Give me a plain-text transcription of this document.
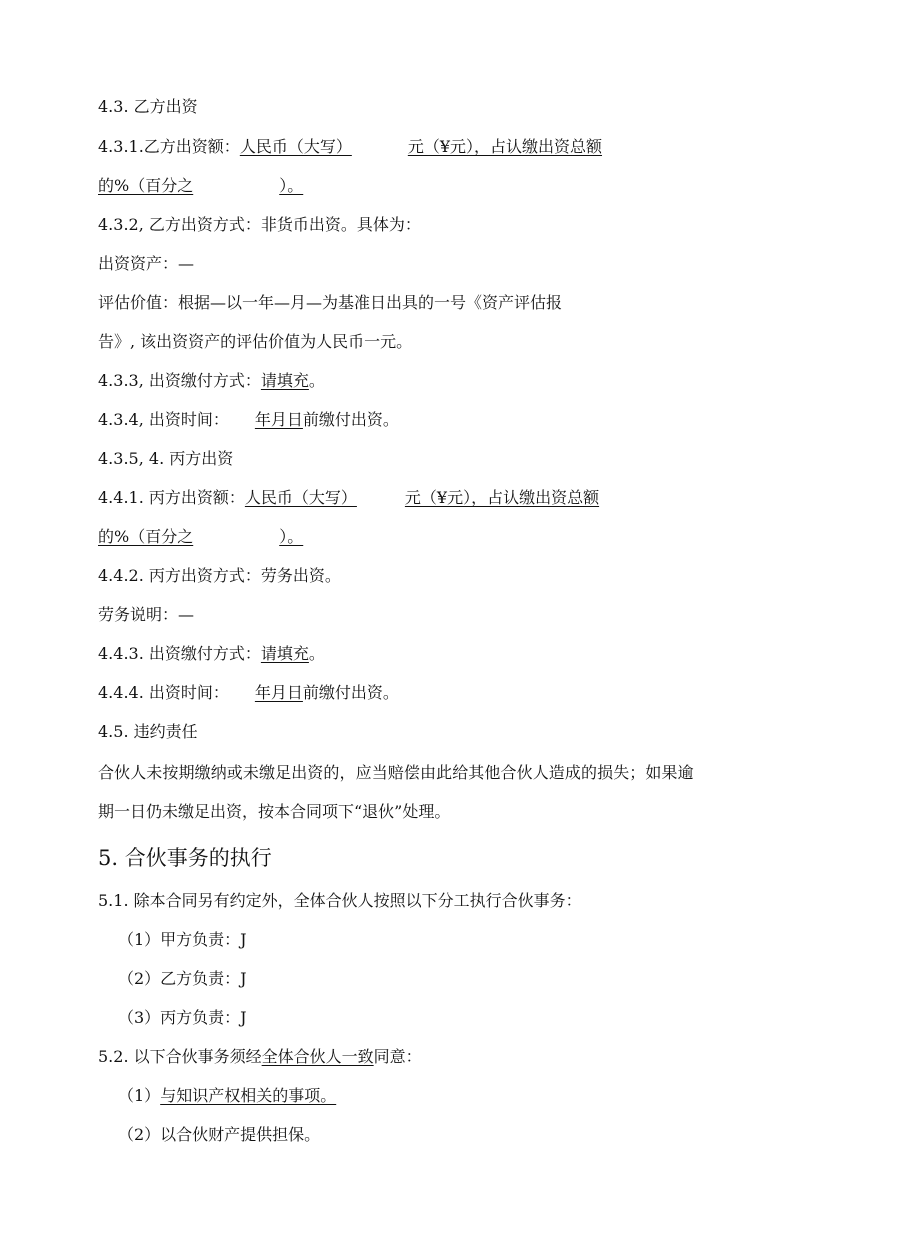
4.3. 乙方出资
4.3.1.乙方出资额：人民币（大写）	元（¥元），占认缴出资总额
的%（百分之	）。
4.3.2, 乙方出资方式：非货币出资。具体为：
出资资产：—
评估价值：根据—以一年—月—为基准日出具的一号《资产评估报
告》, 该出资资产的评估价值为人民币一元。
4.3.3, 出资缴付方式：请填充。
4.3.4, 出资时间： 年月日前缴付出资。
4.3.5, 4. 丙方出资
4.4.1. 丙方出资额：人民币（大写）	元（¥元），占认缴出资总额
的%（百分之	）。
4.4.2. 丙方出资方式：劳务出资。
劳务说明：—
4.4.3. 出资缴付方式：请填充。
4.4.4. 出资时间： 年月日前缴付出资。
4.5. 违约责任
合伙人未按期缴纳或未缴足出资的，应当赔偿由此给其他合伙人造成的损失；如果逾
期一日仍未缴足出资，按本合同项下“退伙”处理。
5. 合伙事务的执行
5.1. 除本合同另有约定外，全体合伙人按照以下分工执行合伙事务：
（1）甲方负责：J
（2）乙方负责：J
（3）丙方负责：J
5.2. 以下合伙事务须经全体合伙人一致同意：
（1）与知识产权相关的事项。
（2）以合伙财产提供担保。
